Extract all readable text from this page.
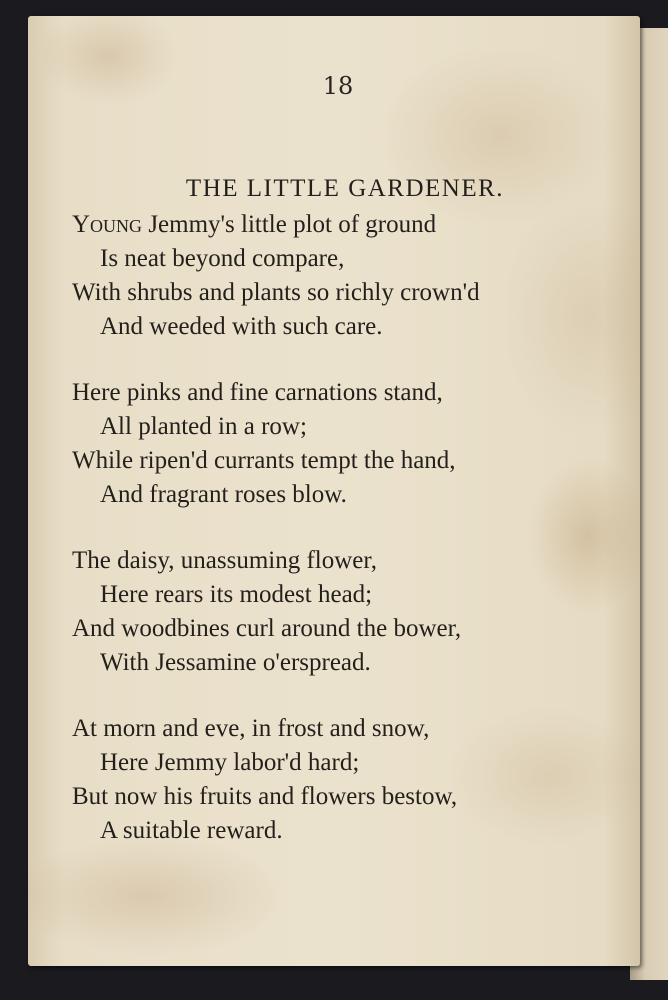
18
THE LITTLE GARDENER.
Young Jemmy's little plot of ground
Is neat beyond compare,
With shrubs and plants so richly crown'd
And weeded with such care.
Here pinks and fine carnations stand,
All planted in a row;
While ripen'd currants tempt the hand,
And fragrant roses blow.
The daisy, unassuming flower,
Here rears its modest head;
And woodbines curl around the bower,
With Jessamine o'erspread.
At morn and eve, in frost and snow,
Here Jemmy labor'd hard;
But now his fruits and flowers bestow,
A suitable reward.
